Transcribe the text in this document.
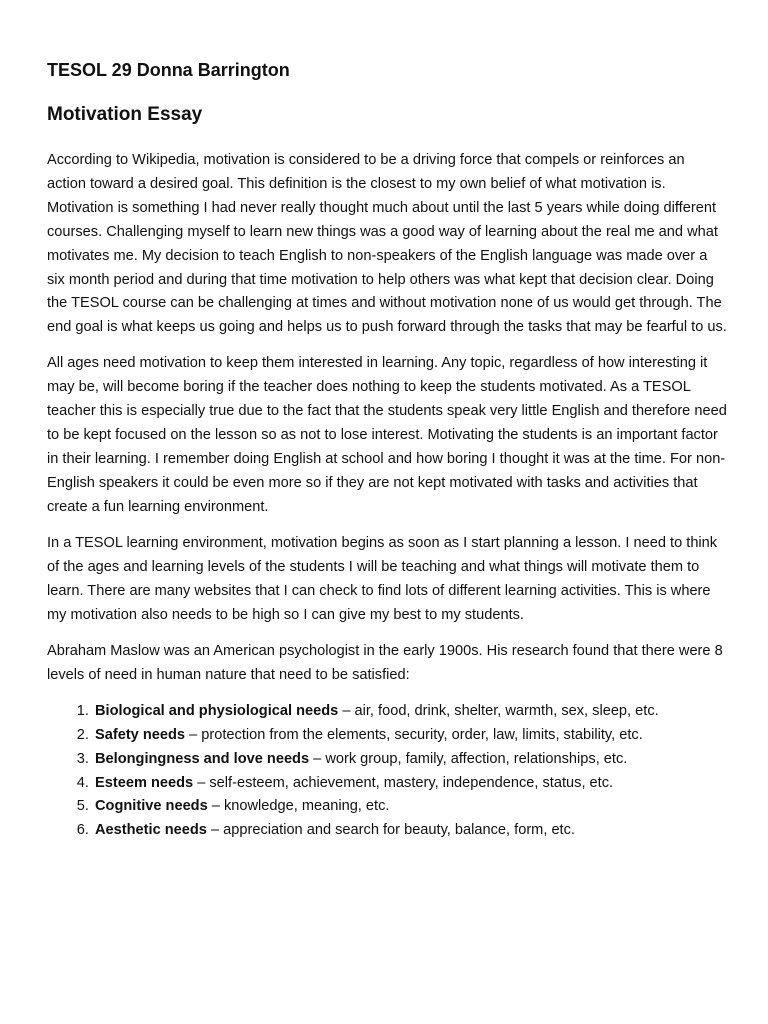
TESOL 29 Donna Barrington
Motivation Essay

According to Wikipedia, motivation is considered to be a driving force that compels or reinforces an action toward a desired goal. This definition is the closest to my own belief of what motivation is. Motivation is something I had never really thought much about until the last 5 years while doing different courses. Challenging myself to learn new things was a good way of learning about the real me and what motivates me. My decision to teach English to non-speakers of the English language was made over a six month period and during that time motivation to help others was what kept that decision clear. Doing the TESOL course can be challenging at times and without motivation none of us would get through. The end goal is what keeps us going and helps us to push forward through the tasks that may be fearful to us.

All ages need motivation to keep them interested in learning. Any topic, regardless of how interesting it may be, will become boring if the teacher does nothing to keep the students motivated. As a TESOL teacher this is especially true due to the fact that the students speak very little English and therefore need to be kept focused on the lesson so as not to lose interest. Motivating the students is an important factor in their learning. I remember doing English at school and how boring I thought it was at the time. For non-English speakers it could be even more so if they are not kept motivated with tasks and activities that create a fun learning environment.

In a TESOL learning environment, motivation begins as soon as I start planning a lesson. I need to think of the ages and learning levels of the students I will be teaching and what things will motivate them to learn. There are many websites that I can check to find lots of different learning activities. This is where my motivation also needs to be high so I can give my best to my students.

Abraham Maslow was an American psychologist in the early 1900s. His research found that there were 8 levels of need in human nature that need to be satisfied:

1. Biological and physiological needs – air, food, drink, shelter, warmth, sex, sleep, etc.
2. Safety needs – protection from the elements, security, order, law, limits, stability, etc.
3. Belongingness and love needs – work group, family, affection, relationships, etc.
4. Esteem needs – self-esteem, achievement, mastery, independence, status, etc.
5. Cognitive needs – knowledge, meaning, etc.
6. Aesthetic needs – appreciation and search for beauty, balance, form, etc.
